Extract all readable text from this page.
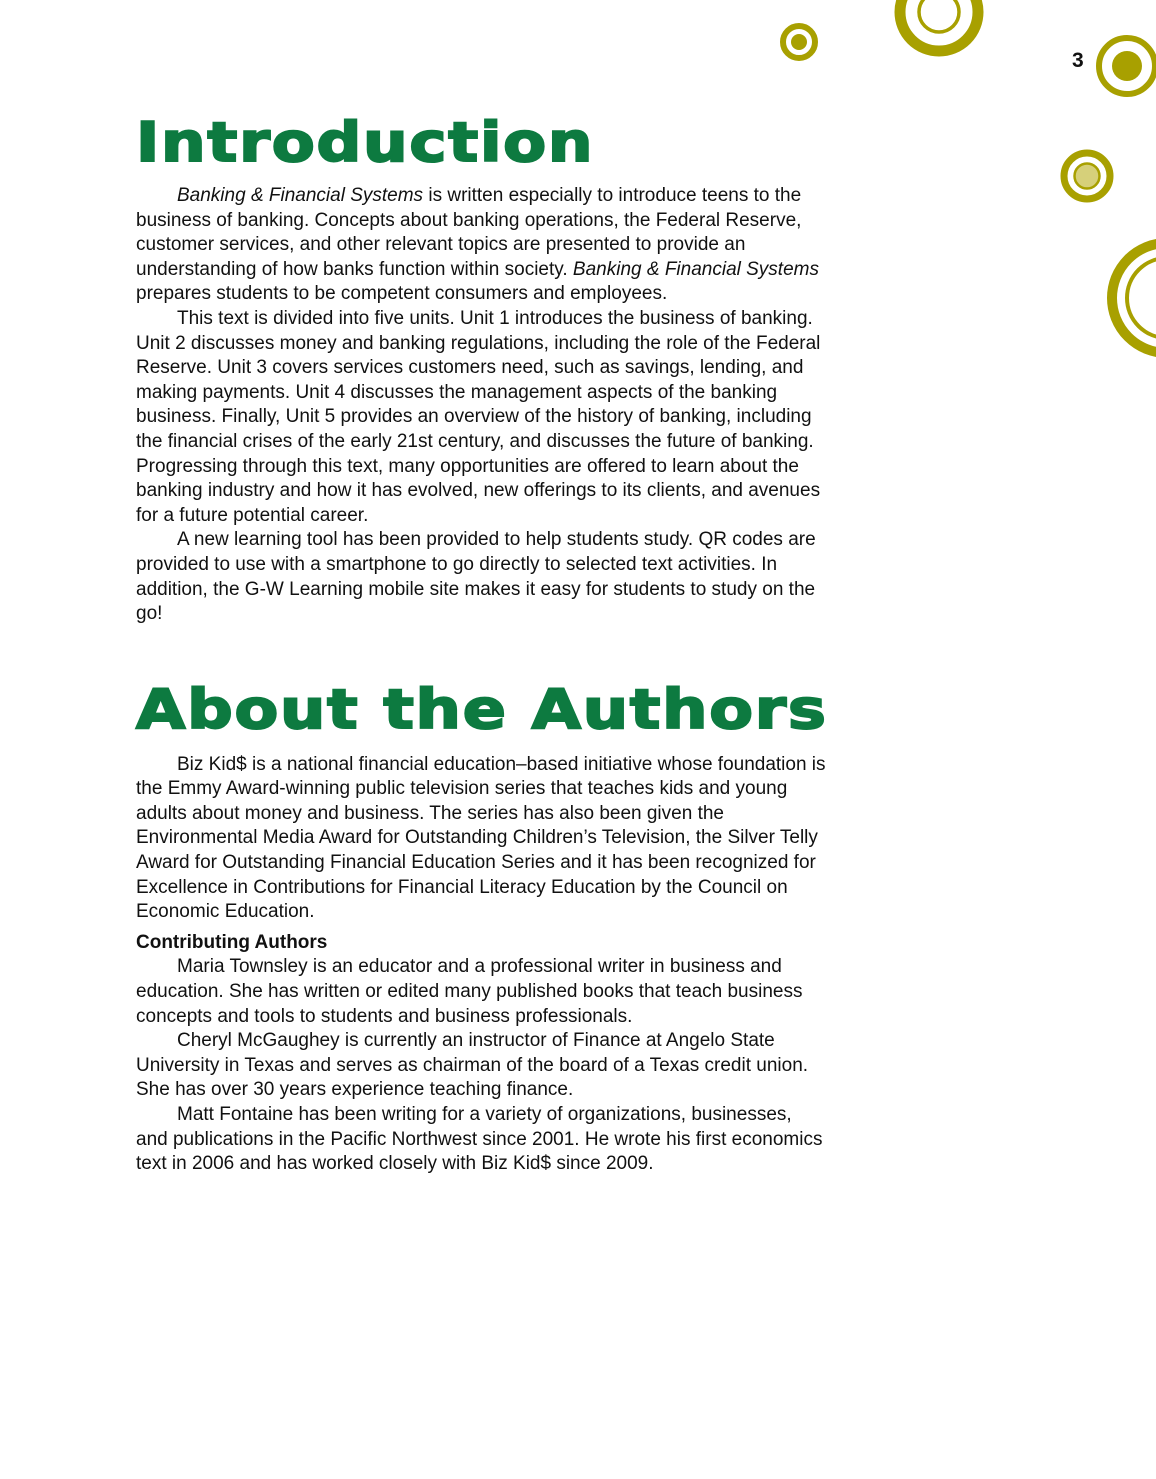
3
Introduction

Banking & Financial Systems is written especially to introduce teens to the business of banking. Concepts about banking operations, the Federal Reserve, customer services, and other relevant topics are presented to provide an understanding of how banks function within society. Banking & Financial Systems prepares students to be competent consumers and employees.

This text is divided into five units. Unit 1 introduces the business of banking. Unit 2 discusses money and banking regulations, including the role of the Federal Reserve. Unit 3 covers services customers need, such as savings, lending, and making payments. Unit 4 discusses the management aspects of the banking business. Finally, Unit 5 provides an overview of the history of banking, including the financial crises of the early 21st century, and discusses the future of banking. Progressing through this text, many opportunities are offered to learn about the banking industry and how it has evolved, new offerings to its clients, and avenues for a future potential career.

A new learning tool has been provided to help students study. QR codes are provided to use with a smartphone to go directly to selected text activities. In addition, the G-W Learning mobile site makes it easy for students to study on the go!

About the Authors

Biz Kid$ is a national financial education–based initiative whose foundation is the Emmy Award-winning public television series that teaches kids and young adults about money and business. The series has also been given the Environmental Media Award for Outstanding Children’s Television, the Silver Telly Award for Outstanding Financial Education Series and it has been recognized for Excellence in Contributions for Financial Literacy Education by the Council on Economic Education.

Contributing Authors

Maria Townsley is an educator and a professional writer in business and education. She has written or edited many published books that teach business concepts and tools to students and business professionals.

Cheryl McGaughey is currently an instructor of Finance at Angelo State University in Texas and serves as chairman of the board of a Texas credit union. She has over 30 years experience teaching finance.

Matt Fontaine has been writing for a variety of organizations, businesses, and publications in the Pacific Northwest since 2001. He wrote his first economics text in 2006 and has worked closely with Biz Kid$ since 2009.
